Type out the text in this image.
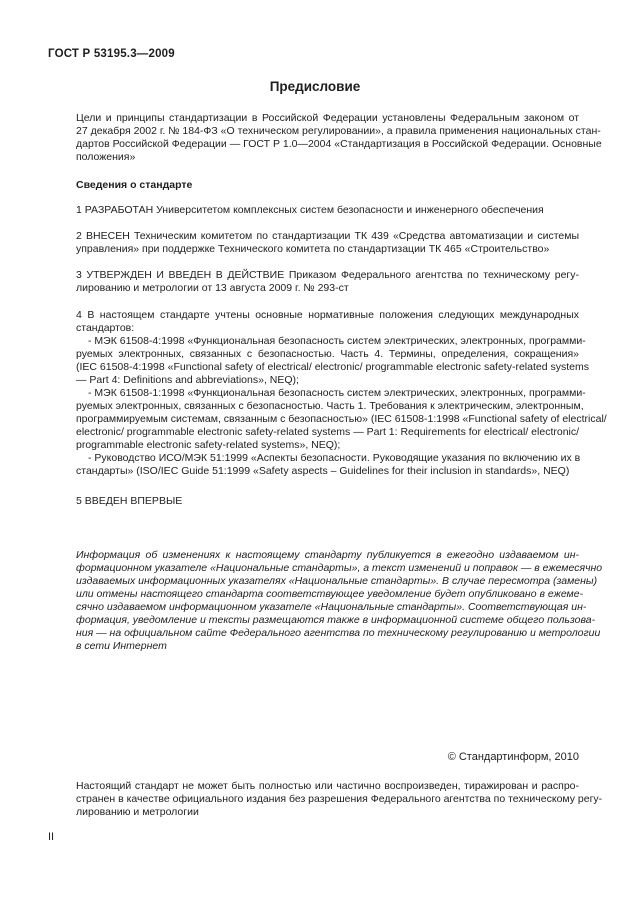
ГОСТ Р 53195.3—2009
Предисловие
Цели и принципы стандартизации в Российской Федерации установлены Федеральным законом от
27 декабря 2002 г. № 184-ФЗ «О техническом регулировании», а правила применения национальных стан-
дартов Российской Федерации — ГОСТ Р 1.0—2004 «Стандартизация в Российской Федерации. Основные
положения»
Сведения о стандарте
1 РАЗРАБОТАН Университетом комплексных систем безопасности и инженерного обеспечения
2 ВНЕСЕН Техническим комитетом по стандартизации ТК 439 «Средства автоматизации и системы
управления» при поддержке Технического комитета по стандартизации ТК 465 «Строительство»
3 УТВЕРЖДЕН И ВВЕДЕН В ДЕЙСТВИЕ Приказом Федерального агентства по техническому регу-
лированию и метрологии от 13 августа 2009 г. № 293-ст
4 В настоящем стандарте учтены основные нормативные положения следующих международных
стандартов:
- МЭК 61508-4:1998 «Функциональная безопасность систем электрических, электронных, программи-
руемых электронных, связанных с безопасностью. Часть 4. Термины, определения, сокращения»
(IEC 61508-4:1998 «Functional safety of electrical/ electronic/ programmable electronic safety-related systems
— Part 4: Definitions and abbreviations», NEQ);
- МЭК 61508-1:1998 «Функциональная безопасность систем электрических, электронных, программи-
руемых электронных, связанных с безопасностью. Часть 1. Требования к электрическим, электронным,
программируемым системам, связанным с безопасностью» (IEC 61508-1:1998 «Functional safety of electrical/
electronic/ programmable electronic safety-related systems — Part 1: Requirements for electrical/ electronic/
programmable electronic safety-related systems», NEQ);
- Руководство ИСО/МЭК 51:1999 «Аспекты безопасности. Руководящие указания по включению их в
стандарты» (ISO/IEC Guide 51:1999 «Safety aspects – Guidelines for their inclusion in standards», NEQ)
5 ВВЕДЕН ВПЕРВЫЕ
Информация об изменениях к настоящему стандарту публикуется в ежегодно издаваемом ин-
формационном указателе «Национальные стандарты», а текст изменений и поправок — в ежемесячно
издаваемых информационных указателях «Национальные стандарты». В случае пересмотра (замены)
или отмены настоящего стандарта соответствующее уведомление будет опубликовано в ежеме-
сячно издаваемом информационном указателе «Национальные стандарты». Соответствующая ин-
формация, уведомление и тексты размещаются также в информационной системе общего пользова-
ния — на официальном сайте Федерального агентства по техническому регулированию и метрологии
в сети Интернет
© Стандартинформ, 2010
Настоящий стандарт не может быть полностью или частично воспроизведен, тиражирован и распро-
странен в качестве официального издания без разрешения Федерального агентства по техническому регу-
лированию и метрологии
II
